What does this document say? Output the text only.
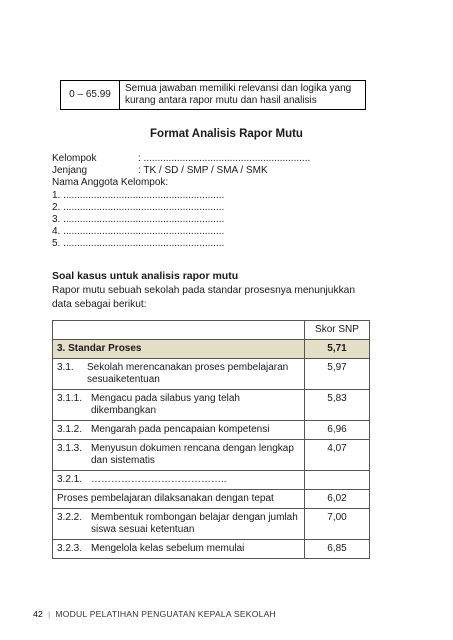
0 – 65.99	Semua jawaban memiliki relevansi dan logika yang kurang antara rapor mutu dan hasil analisis
Format Analisis Rapor Mutu
Kelompok	: ............................................................
Jenjang	: TK / SD / SMP / SMA / SMK
Nama Anggota Kelompok:
1. ..........................................................
2. ..........................................................
3. ..........................................................
4. ..........................................................
5. ..........................................................
Soal kasus untuk analisis rapor mutu
Rapor mutu sebuah sekolah pada standar prosesnya menunjukkan data sebagai berikut:
	Skor SNP
3. Standar Proses	5,71

3.1. Sekolah merencanakan proses pembelajaran sesuaiketentuan	5,97

3.1.1. Mengacu pada silabus yang telah dikembangkan	5,83

3.1.2. Mengarah pada pencapaian kompetensi	6,96

3.1.3. Menyusun dokumen rencana dengan lengkap dan sistematis	4,07

3.2.1. …………………………………..	

Proses pembelajaran dilaksanakan dengan tepat	6,02

3.2.2. Membentuk rombongan belajar dengan jumlah siswa sesuai ketentuan	7,00

3.2.3. Mengelola kelas sebelum memulai	6,85
42 | MODUL PELATIHAN PENGUATAN KEPALA SEKOLAH
